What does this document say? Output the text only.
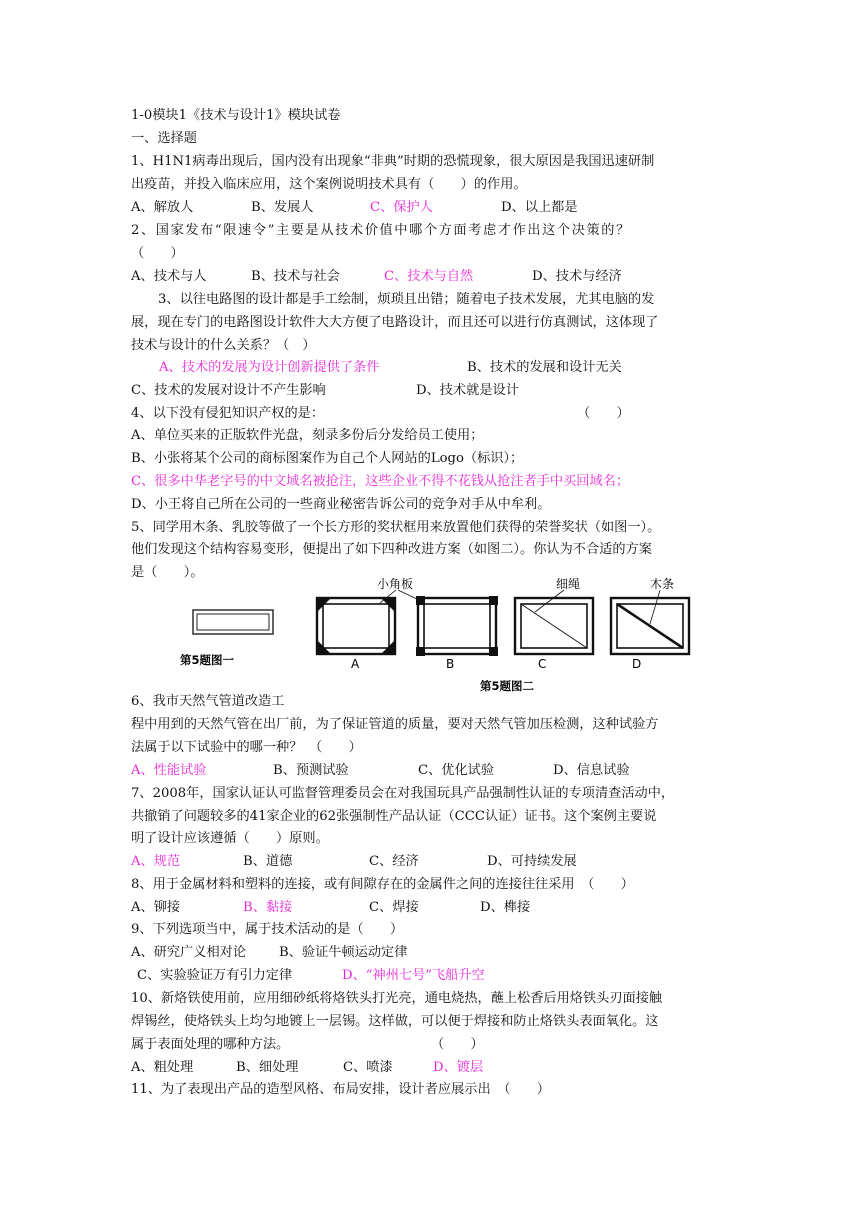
1-0模块1《技术与设计1》模块试卷
一、选择题
1、H1N1病毒出现后，国内没有出现象“非典”时期的恐慌现象，很大原因是我国迅速研制
出疫苗，并投入临床应用，这个案例说明技术具有（　　）的作用。
A、解放人	B、发展人	C、保护人	D、以上都是
2、国家发布“限速令”主要是从技术价值中哪个方面考虑才作出这个决策的？
（　　）
A、技术与人	B、技术与社会	C、技术与自然	D、技术与经济
3、以往电路图的设计都是手工绘制，烦琐且出错；随着电子技术发展，尤其电脑的发
展，现在专门的电路图设计软件大大方便了电路设计，而且还可以进行仿真测试，这体现了
技术与设计的什么关系？（　）
A、技术的发展为设计创新提供了条件	B、技术的发展和设计无关
C、技术的发展对设计不产生影响	D、技术就是设计
4、以下没有侵犯知识产权的是：	（　　）
A、单位买来的正版软件光盘，刻录多份后分发给员工使用；
B、小张将某个公司的商标图案作为自己个人网站的Logo（标识）；
C、很多中华老字号的中文域名被抢注，这些企业不得不花钱从抢注者手中买回域名；
D、小王将自己所在公司的一些商业秘密告诉公司的竞争对手从中牟利。
5、同学用木条、乳胶等做了一个长方形的奖状框用来放置他们获得的荣誉奖状（如图一）。
他们发现这个结构容易变形，便提出了如下四种改进方案（如图二）。你认为不合适的方案
是（　　）。
第5题图一
小角板	细绳	木条
A	B	C	D
第5题图二
6、我市天然气管道改造工
程中用到的天然气管在出厂前，为了保证管道的质量，要对天然气管加压检测，这种试验方
法属于以下试验中的哪一种？　（　　）
A、性能试验	B、预测试验	C、优化试验	D、信息试验
7、2008年，国家认证认可监督管理委员会在对我国玩具产品强制性认证的专项清查活动中，
共撤销了问题较多的41家企业的62张强制性产品认证（CCC认证）证书。这个案例主要说
明了设计应该遵循（　　）原则。
A、规范	B、道德	C、经济	D、可持续发展
8、用于金属材料和塑料的连接，或有间隙存在的金属件之间的连接往往采用　（　　）
A、铆接	B、黏接	C、焊接	D、榫接
9、下列选项当中，属于技术活动的是（　　）
A、研究广义相对论 B、验证牛顿运动定律
C、实验验证万有引力定律	D、“神州七号”飞船升空
10、新烙铁使用前，应用细砂纸将烙铁头打光亮，通电烧热，蘸上松香后用烙铁头刃面接触
焊锡丝，使烙铁头上均匀地镀上一层锡。这样做，可以便于焊接和防止烙铁头表面氧化。这
属于表面处理的哪种方法。	（　　）
A、粗处理	B、细处理	C、喷漆	D、镀层
11、为了表现出产品的造型风格、布局安排，设计者应展示出　（　　）
